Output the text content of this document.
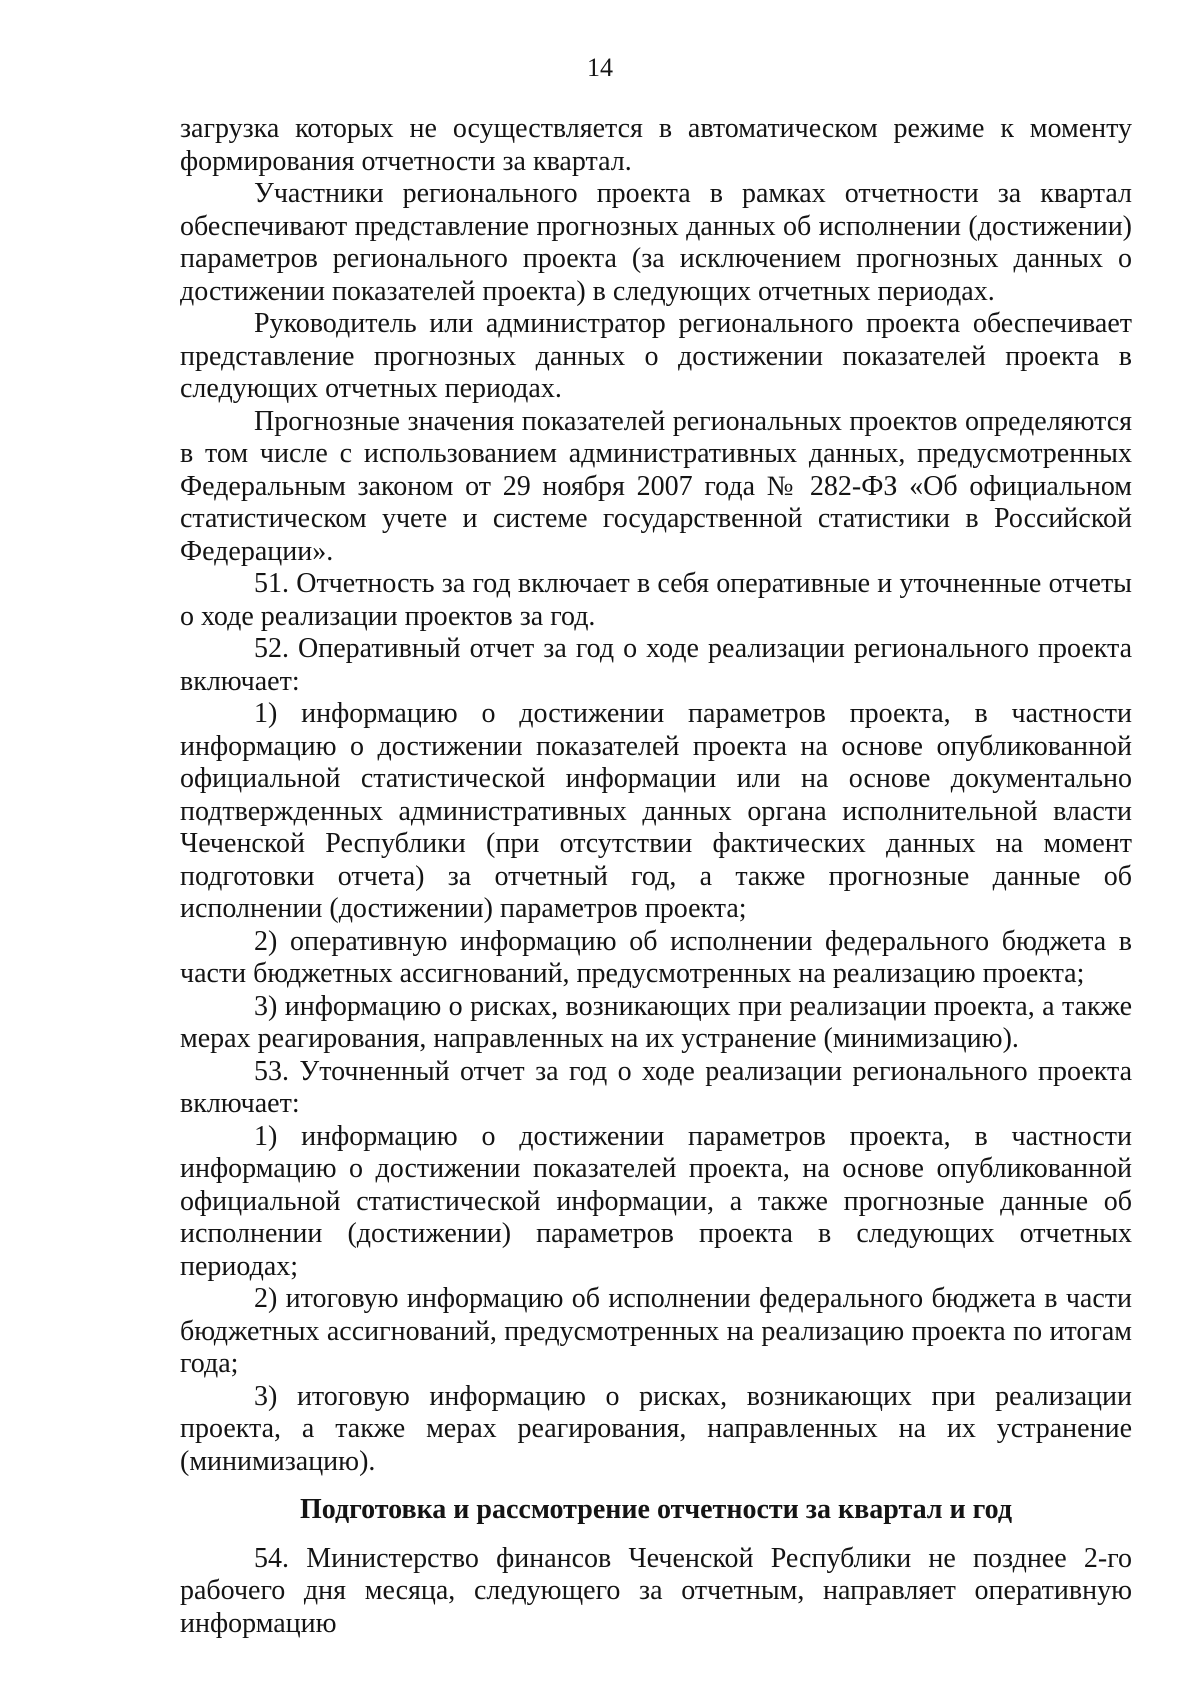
14

загрузка которых не осуществляется в автоматическом режиме к моменту формирования отчетности за квартал.

Участники регионального проекта в рамках отчетности за квартал обеспечивают представление прогнозных данных об исполнении (достижении) параметров регионального проекта (за исключением прогнозных данных о достижении показателей проекта) в следующих отчетных периодах.

Руководитель или администратор регионального проекта обеспечивает представление прогнозных данных о достижении показателей проекта в следующих отчетных периодах.

Прогнозные значения показателей региональных проектов определяются в том числе с использованием административных данных, предусмотренных Федеральным законом от 29 ноября 2007 года № 282-ФЗ «Об официальном статистическом учете и системе государственной статистики в Российской Федерации».

51. Отчетность за год включает в себя оперативные и уточненные отчеты о ходе реализации проектов за год.

52. Оперативный отчет за год о ходе реализации регионального проекта включает:

1) информацию о достижении параметров проекта, в частности информацию о достижении показателей проекта на основе опубликованной официальной статистической информации или на основе документально подтвержденных административных данных органа исполнительной власти Чеченской Республики (при отсутствии фактических данных на момент подготовки отчета) за отчетный год, а также прогнозные данные об исполнении (достижении) параметров проекта;

2) оперативную информацию об исполнении федерального бюджета в части бюджетных ассигнований, предусмотренных на реализацию проекта;

3) информацию о рисках, возникающих при реализации проекта, а также мерах реагирования, направленных на их устранение (минимизацию).

53. Уточненный отчет за год о ходе реализации регионального проекта включает:

1) информацию о достижении параметров проекта, в частности информацию о достижении показателей проекта, на основе опубликованной официальной статистической информации, а также прогнозные данные об исполнении (достижении) параметров проекта в следующих отчетных периодах;

2) итоговую информацию об исполнении федерального бюджета в части бюджетных ассигнований, предусмотренных на реализацию проекта по итогам года;

3) итоговую информацию о рисках, возникающих при реализации проекта, а также мерах реагирования, направленных на их устранение (минимизацию).

Подготовка и рассмотрение отчетности за квартал и год

54. Министерство финансов Чеченской Республики не позднее 2-го рабочего дня месяца, следующего за отчетным, направляет оперативную информацию
